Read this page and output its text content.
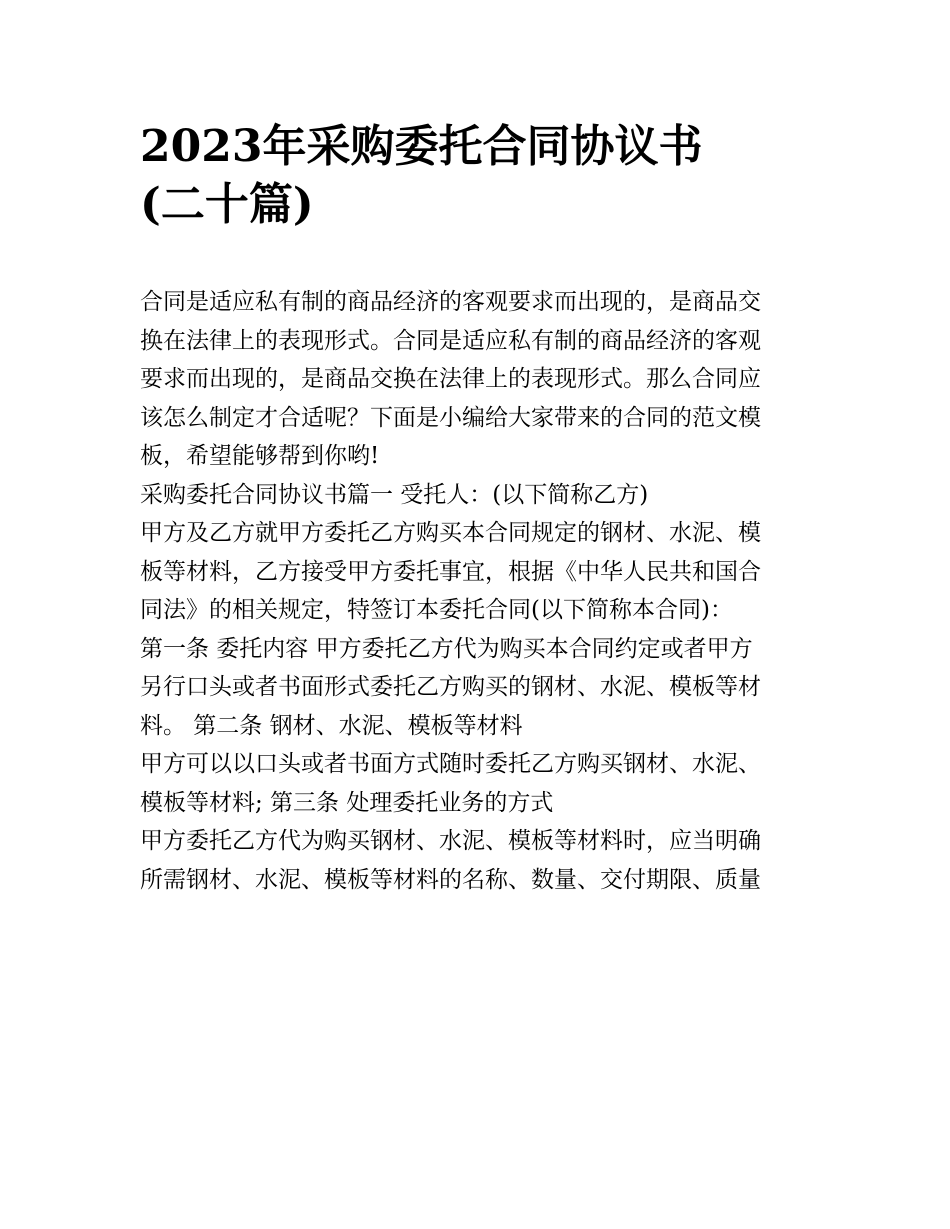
2023年采购委托合同协议书
(二十篇)
合同是适应私有制的商品经济的客观要求而出现的，是商品交
换在法律上的表现形式。合同是适应私有制的商品经济的客观
要求而出现的，是商品交换在法律上的表现形式。那么合同应
该怎么制定才合适呢？下面是小编给大家带来的合同的范文模
板，希望能够帮到你哟!
采购委托合同协议书篇一 受托人：(以下简称乙方)
甲方及乙方就甲方委托乙方购买本合同规定的钢材、水泥、模
板等材料，乙方接受甲方委托事宜，根据《中华人民共和国合
同法》的相关规定，特签订本委托合同(以下简称本合同)：
第一条 委托内容 甲方委托乙方代为购买本合同约定或者甲方
另行口头或者书面形式委托乙方购买的钢材、水泥、模板等材
料。 第二条 钢材、水泥、模板等材料
甲方可以以口头或者书面方式随时委托乙方购买钢材、水泥、
模板等材料; 第三条 处理委托业务的方式
甲方委托乙方代为购买钢材、水泥、模板等材料时，应当明确
所需钢材、水泥、模板等材料的名称、数量、交付期限、质量
